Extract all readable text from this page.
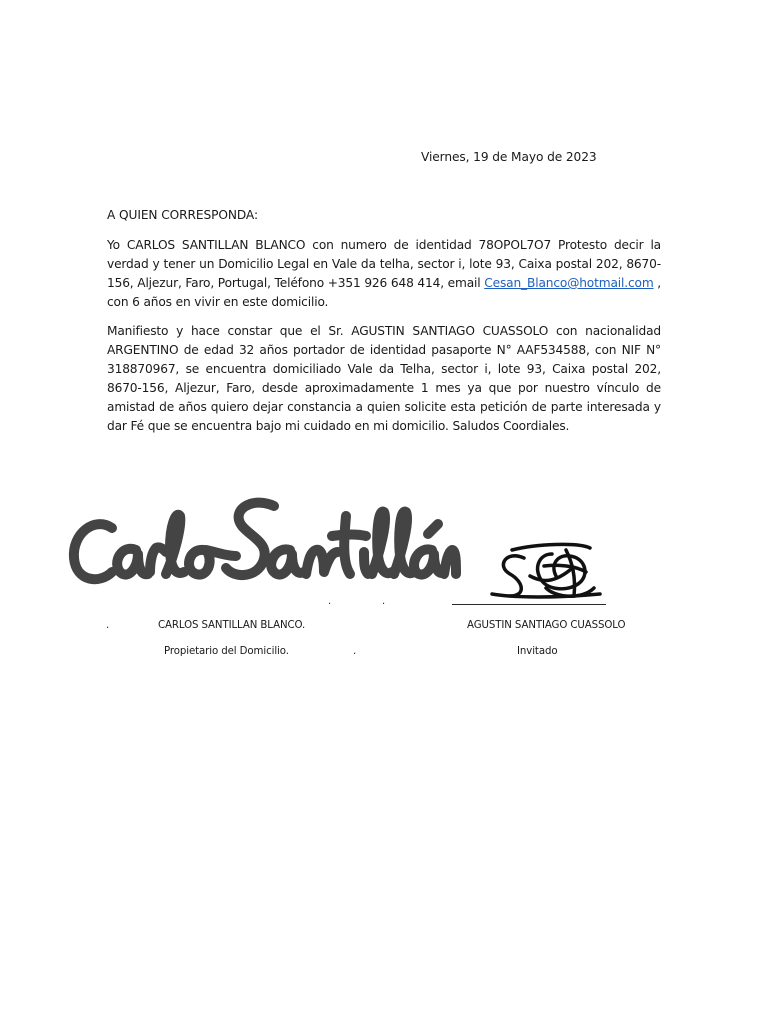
Viernes, 19 de Mayo de 2023
A QUIEN CORRESPONDA:

Yo CARLOS SANTILLAN BLANCO con numero de identidad 78OPOL7O7 Protesto decir la verdad y tener un Domicilio Legal en Vale da telha, sector i, lote 93, Caixa postal 202, 8670-156, Aljezur, Faro, Portugal, Teléfono +351 926 648 414, email Cesan_Blanco@hotmail.com , con 6 años en vivir en este domicilio.

Manifiesto y hace constar que el Sr. AGUSTIN SANTIAGO CUASSOLO con nacionalidad ARGENTINO de edad 32 años portador de identidad pasaporte N° AAF534588, con NIF N° 318870967, se encuentra domiciliado Vale da Telha, sector i, lote 93, Caixa postal 202, 8670-156, Aljezur, Faro, desde aproximadamente 1 mes ya que por nuestro vínculo de amistad de años quiero dejar constancia a quien solicite esta petición de parte interesada y dar Fé que se encuentra bajo mi cuidado en mi domicilio. Saludos Coordiales.

.	.
.	CARLOS SANTILLAN BLANCO.	AGUSTIN SANTIAGO CUASSOLO
Propietario del Domicilio.	.	Invitado
